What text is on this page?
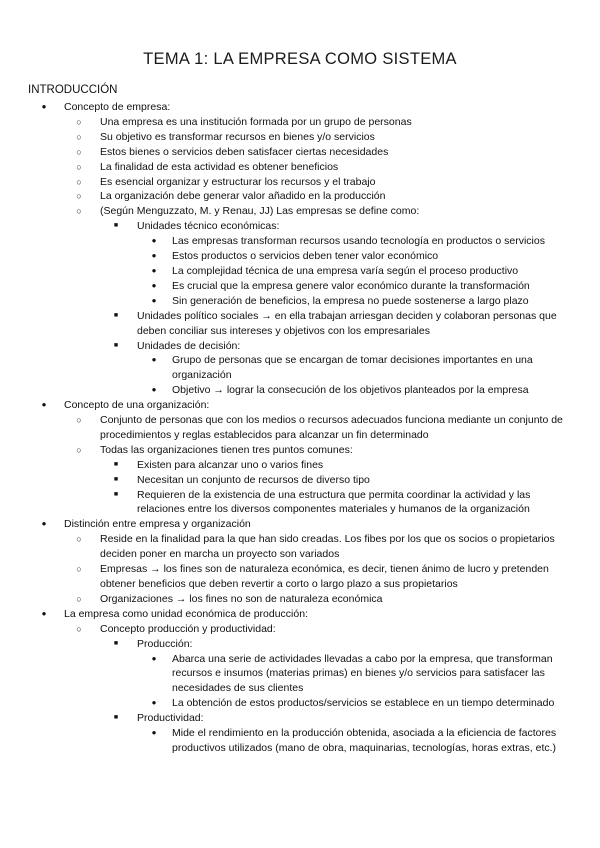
TEMA 1: LA EMPRESA COMO SISTEMA
INTRODUCCIÓN
● Concepto de empresa:
○ Una empresa es una institución formada por un grupo de personas
○ Su objetivo es transformar recursos en bienes y/o servicios
○ Estos bienes o servicios deben satisfacer ciertas necesidades
○ La finalidad de esta actividad es obtener beneficios
○ Es esencial organizar y estructurar los recursos y el trabajo
○ La organización debe generar valor añadido en la producción
○ (Según Menguzzato, M. y Renau, JJ) Las empresas se define como:
■ Unidades técnico económicas:
● Las empresas transforman recursos usando tecnología en productos o servicios
● Estos productos o servicios deben tener valor económico
● La complejidad técnica de una empresa varía según el proceso productivo
● Es crucial que la empresa genere valor económico durante la transformación
● Sin generación de beneficios, la empresa no puede sostenerse a largo plazo
■ Unidades político sociales → en ella trabajan arriesgan deciden y colaboran personas que deben conciliar sus intereses y objetivos con los empresariales
■ Unidades de decisión:
● Grupo de personas que se encargan de tomar decisiones importantes en una organización
● Objetivo → lograr la consecución de los objetivos planteados por la empresa
● Concepto de una organización:
○ Conjunto de personas que con los medios o recursos adecuados funciona mediante un conjunto de procedimientos y reglas establecidos para alcanzar un fin determinado
○ Todas las organizaciones tienen tres puntos comunes:
■ Existen para alcanzar uno o varios fines
■ Necesitan un conjunto de recursos de diverso tipo
■ Requieren de la existencia de una estructura que permita coordinar la actividad y las relaciones entre los diversos componentes materiales y humanos de la organización
● Distinción entre empresa y organización
○ Reside en la finalidad para la que han sido creadas. Los fibes por los que os socios o propietarios deciden poner en marcha un proyecto son variados
○ Empresas → los fines son de naturaleza económica, es decir, tienen ánimo de lucro y pretenden obtener beneficios que deben revertir a corto o largo plazo a sus propietarios
○ Organizaciones → los fines no son de naturaleza económica
● La empresa como unidad económica de producción:
○ Concepto producción y productividad:
■ Producción:
● Abarca una serie de actividades llevadas a cabo por la empresa, que transforman recursos e insumos (materias primas) en bienes y/o servicios para satisfacer las necesidades de sus clientes
● La obtención de estos productos/servicios se establece en un tiempo determinado
■ Productividad:
● Mide el rendimiento en la producción obtenida, asociada a la eficiencia de factores productivos utilizados (mano de obra, maquinarias, tecnologías, horas extras, etc.)
